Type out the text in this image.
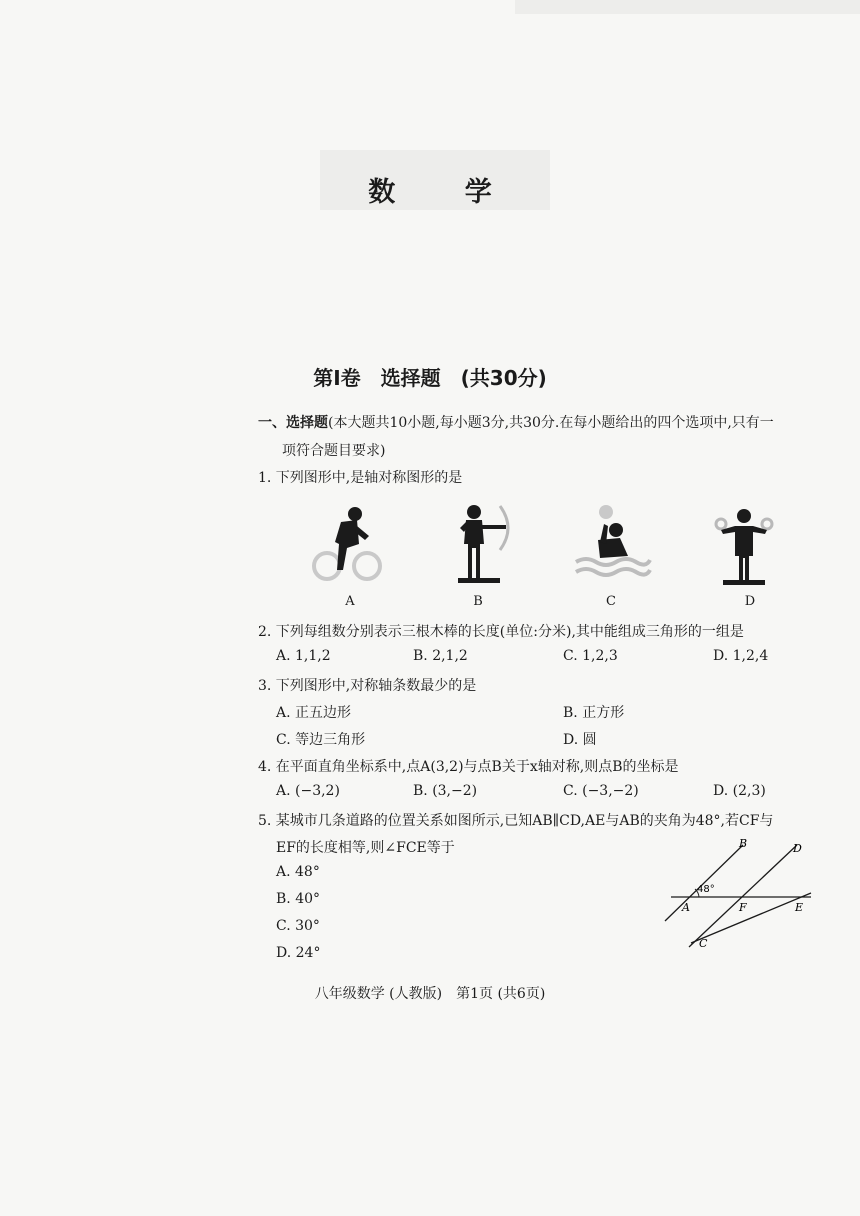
数 学
第Ⅰ卷　选择题　(共30分)
一、选择题(本大题共10小题,每小题3分,共30分.在每小题给出的四个选项中,只有一
项符合题目要求)
1. 下列图形中,是轴对称图形的是
A	B	C	D
2. 下列每组数分别表示三根木棒的长度(单位:分米),其中能组成三角形的一组是
A. 1,1,2	B. 2,1,2	C. 1,2,3	D. 1,2,4
3. 下列图形中,对称轴条数最少的是
A. 正五边形	B. 正方形
C. 等边三角形	D. 圆
4. 在平面直角坐标系中,点A(3,2)与点B关于x轴对称,则点B的坐标是
A. (−3,2)	B. (3,−2)	C. (−3,−2)	D. (2,3)
5. 某城市几条道路的位置关系如图所示,已知AB∥CD,AE与AB的夹角为48°,若CF与
EF的长度相等,则∠FCE等于
A. 48°
B. 40°
C. 30°
D. 24°
B	D
48°
A	F	E
C
八年级数学 (人教版)　第1页 (共6页)
